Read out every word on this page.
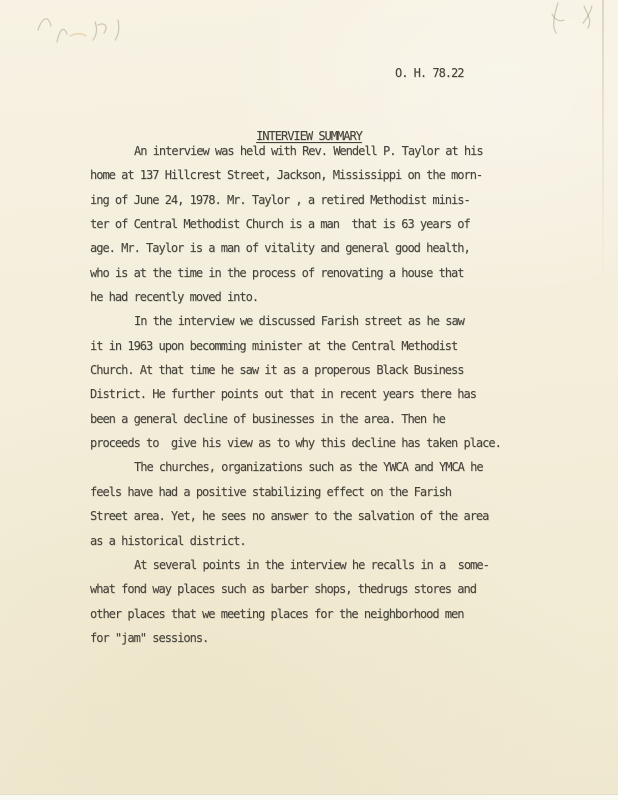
O. H. 78.22
INTERVIEW SUMMARY
An interview was held with Rev. Wendell P. Taylor at his
home at 137 Hillcrest Street, Jackson, Mississippi on the morn-
ing of June 24, 1978. Mr. Taylor , a retired Methodist minis-
ter of Central Methodist Church is a man  that is 63 years of
age. Mr. Taylor is a man of vitality and general good health,
who is at the time in the process of renovating a house that
he had recently moved into.
In the interview we discussed Farish street as he saw
it in 1963 upon becomming minister at the Central Methodist
Church. At that time he saw it as a properous Black Business
District. He further points out that in recent years there has
been a general decline of businesses in the area. Then he
proceeds to  give his view as to why this decline has taken place.
The churches, organizations such as the YWCA and YMCA he
feels have had a positive stabilizing effect on the Farish
Street area. Yet, he sees no answer to the salvation of the area
as a historical district.
At several points in the interview he recalls in a  some-
what fond way places such as barber shops, thedrugs stores and
other places that we meeting places for the neighborhood men
for "jam" sessions.
